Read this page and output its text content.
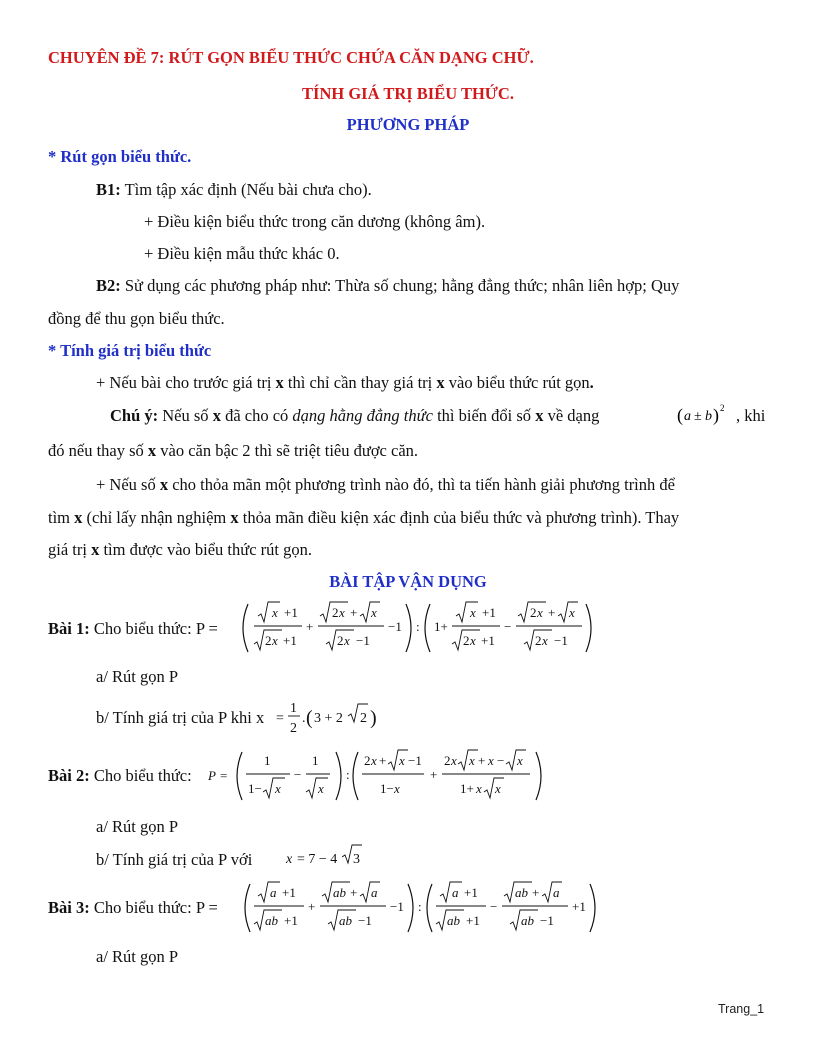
CHUYÊN ĐỀ 7: RÚT GỌN BIỂU THỨC CHỨA CĂN DẠNG CHỮ.
TÍNH GIÁ TRỊ BIỂU THỨC.
PHƯƠNG PHÁP
* Rút gọn biểu thức.
B1: Tìm tập xác định (Nếu bài chưa cho).
+ Điều kiện biểu thức trong căn dương (không âm).
+ Điều kiện mẫu thức khác 0.
B2: Sử dụng các phương pháp như: Thừa số chung; hằng đẳng thức; nhân liên hợp; Quy
đồng để thu gọn biểu thức.
* Tính giá trị biểu thức
+ Nếu bài cho trước giá trị x thì chỉ cần thay giá trị x vào biểu thức rút gọn.
Chú ý: Nếu số x đã cho có dạng hằng đẳng thức thì biến đổi số x về dạng	( a ± b ) 2 , khi
đó nếu thay số x vào căn bậc 2 thì sẽ triệt tiêu được căn.
+ Nếu số x cho thỏa mãn một phương trình nào đó, thì ta tiến hành giải phương trình để
tìm x (chỉ lấy nhận nghiệm x thỏa mãn điều kiện xác định của biểu thức và phương trình). Thay
giá trị x tìm được vào biểu thức rút gọn.
BÀI TẬP VẬN DỤNG
Bài 1: Cho biểu thức: P =
x +1
2 x +1
+
2 x + x
2 x −1
−1 : 1+
x +1
2 x +1
−
2 x + x
2 x −1
a/ Rút gọn P
b/ Tính giá trị của P khi x =
1
2
. ( 3 + 2 2 )
Bài 2: Cho biểu thức: P =
1
1− x
−
1
x
:
2 x + x −1
1− x
+
2 x x + x − x
1+ x x
a/ Rút gọn P
b/ Tính giá trị của P với x = 7 − 4 3
Bài 3: Cho biểu thức: P =
a +1
ab +1
+
ab + a
ab −1
−1 :
a +1
ab +1
−
ab + a
ab −1
+1
a/ Rút gọn P
Trang_1
